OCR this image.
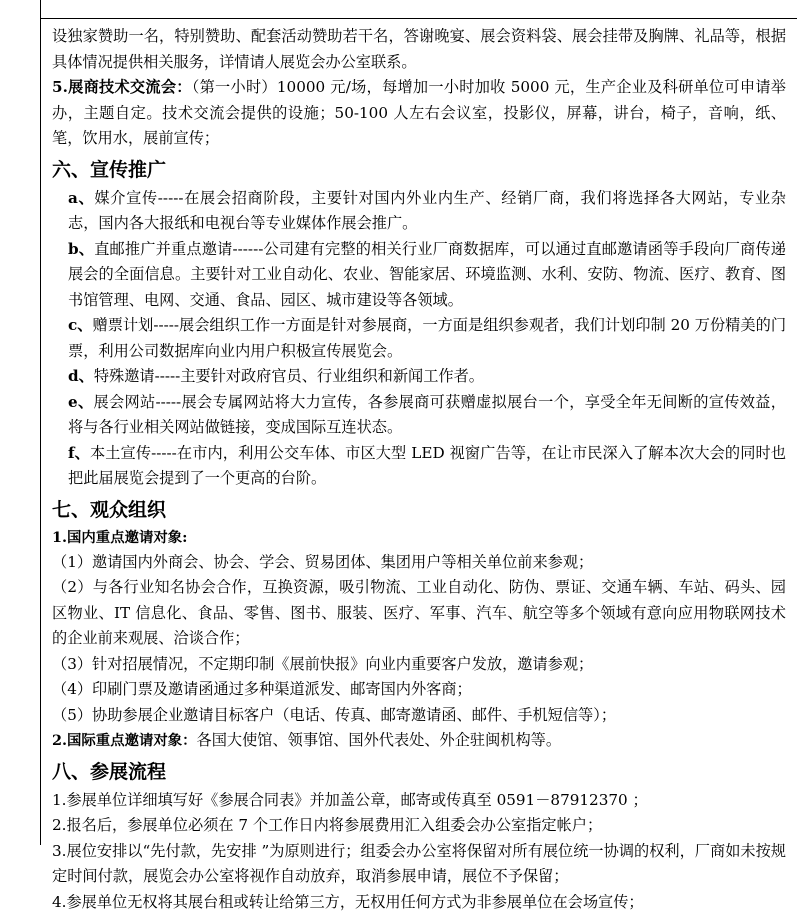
设独家赞助一名，特别赞助、配套活动赞助若干名，答谢晚宴、展会资料袋、展会挂带及胸牌、礼品等，根据具体情况提供相关服务，详情请人展览会办公室联系。

5.展商技术交流会：（第一小时）10000 元/场，每增加一小时加收 5000 元，生产企业及科研单位可申请举办，主题自定。技术交流会提供的设施；50-100 人左右会议室，投影仪，屏幕，讲台，椅子，音响，纸、笔，饮用水，展前宣传；

六、宣传推广

a、媒介宣传-----在展会招商阶段，主要针对国内外业内生产、经销厂商，我们将选择各大网站，专业杂志，国内各大报纸和电视台等专业媒体作展会推广。

b、直邮推广并重点邀请------公司建有完整的相关行业厂商数据库，可以通过直邮邀请函等手段向厂商传递展会的全面信息。主要针对工业自动化、农业、智能家居、环境监测、水利、安防、物流、医疗、教育、图书馆管理、电网、交通、食品、园区、城市建设等各领域。

c、赠票计划-----展会组织工作一方面是针对参展商，一方面是组织参观者，我们计划印制 20 万份精美的门票，利用公司数据库向业内用户积极宣传展览会。

d、特殊邀请-----主要针对政府官员、行业组织和新闻工作者。

e、展会网站-----展会专属网站将大力宣传，各参展商可获赠虚拟展台一个，享受全年无间断的宣传效益，将与各行业相关网站做链接，变成国际互连状态。

f、本土宣传-----在市内，利用公交车体、市区大型 LED 视窗广告等，在让市民深入了解本次大会的同时也把此届展览会提到了一个更高的台阶。

七、观众组织

1.国内重点邀请对象:

（1）邀请国内外商会、协会、学会、贸易团体、集团用户等相关单位前来参观；

（2）与各行业知名协会合作，互换资源，吸引物流、工业自动化、防伪、票证、交通车辆、车站、码头、园区物业、IT 信息化、食品、零售、图书、服装、医疗、军事、汽车、航空等多个领域有意向应用物联网技术的企业前来观展、洽谈合作；

（3）针对招展情况，不定期印制《展前快报》向业内重要客户发放，邀请参观；

（4）印刷门票及邀请函通过多种渠道派发、邮寄国内外客商；

（5）协助参展企业邀请目标客户（电话、传真、邮寄邀请函、邮件、手机短信等）；

2.国际重点邀请对象：各国大使馆、领事馆、国外代表处、外企驻闽机构等。

八、参展流程

1.参展单位详细填写好《参展合同表》并加盖公章，邮寄或传真至 0591－87912370 ；

2.报名后，参展单位必须在 7 个工作日内将参展费用汇入组委会办公室指定帐户；

3.展位安排以“先付款，先安排 ”为原则进行；组委会办公室将保留对所有展位统一协调的权利，厂商如未按规定时间付款，展览会办公室将视作自动放弃，取消参展申请，展位不予保留；

4.参展单位无权将其展台租或转让给第三方，无权用任何方式为非参展单位在会场宣传；
